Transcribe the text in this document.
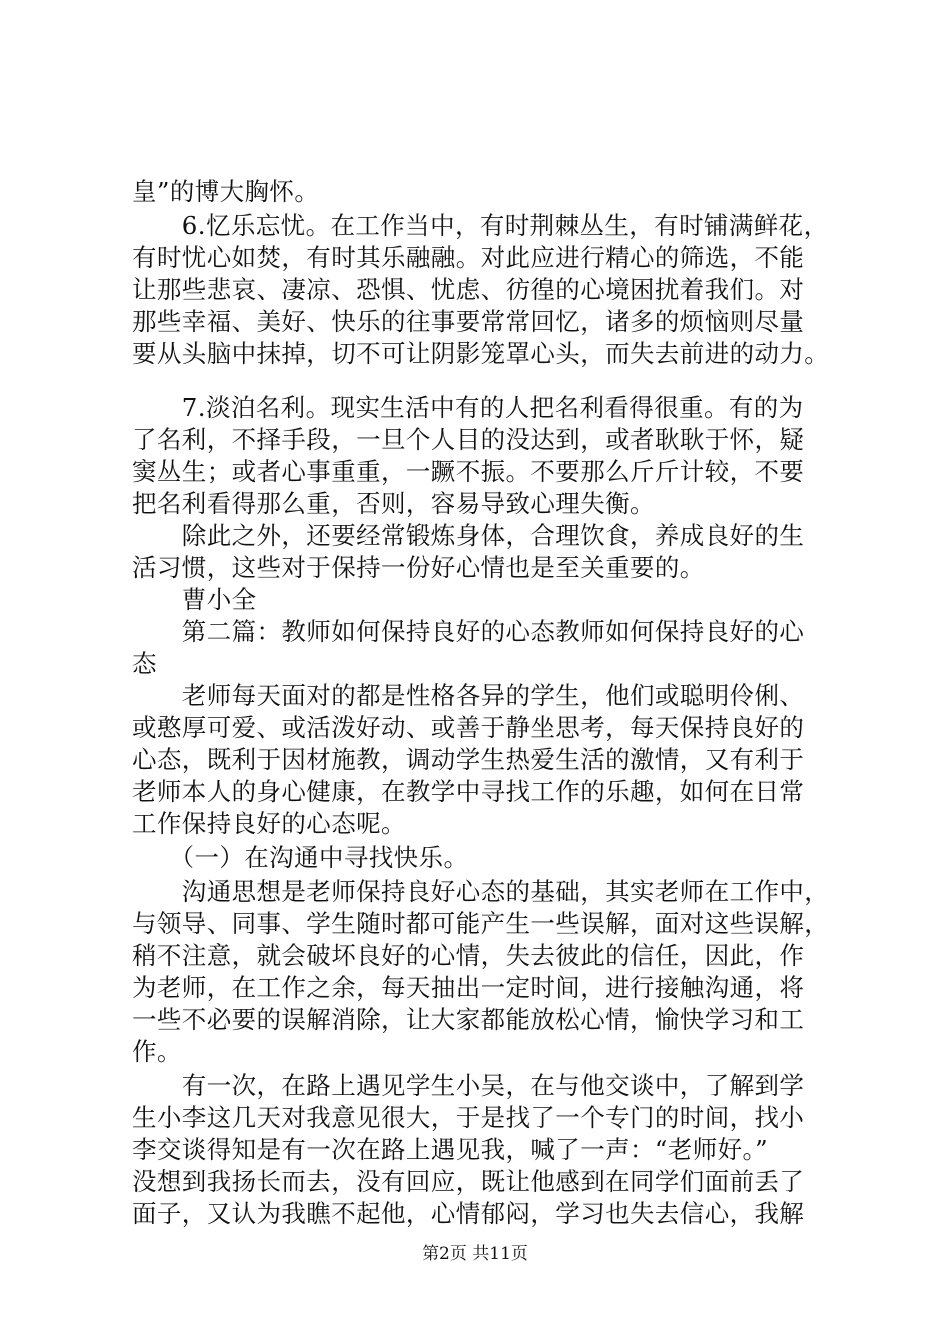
皇”的博大胸怀。
　　6.忆乐忘忧。在工作当中，有时荆棘丛生，有时铺满鲜花，
有时忧心如焚，有时其乐融融。对此应进行精心的筛选，不能
让那些悲哀、凄凉、恐惧、忧虑、彷徨的心境困扰着我们。对
那些幸福、美好、快乐的往事要常常回忆，诸多的烦恼则尽量
要从头脑中抹掉，切不可让阴影笼罩心头，而失去前进的动力。
　　7.淡泊名利。现实生活中有的人把名利看得很重。有的为
了名利，不择手段，一旦个人目的没达到，或者耿耿于怀，疑
窦丛生；或者心事重重，一蹶不振。不要那么斤斤计较，不要
把名利看得那么重，否则，容易导致心理失衡。
　　除此之外，还要经常锻炼身体，合理饮食，养成良好的生
活习惯，这些对于保持一份好心情也是至关重要的。
　　曹小全
　　第二篇：教师如何保持良好的心态教师如何保持良好的心
态
　　老师每天面对的都是性格各异的学生，他们或聪明伶俐、
或憨厚可爱、或活泼好动、或善于静坐思考，每天保持良好的
心态，既利于因材施教，调动学生热爱生活的激情，又有利于
老师本人的身心健康，在教学中寻找工作的乐趣，如何在日常
工作保持良好的心态呢。
　　（一）在沟通中寻找快乐。
　　沟通思想是老师保持良好心态的基础，其实老师在工作中，
与领导、同事、学生随时都可能产生一些误解，面对这些误解，
稍不注意，就会破坏良好的心情，失去彼此的信任，因此，作
为老师，在工作之余，每天抽出一定时间，进行接触沟通，将
一些不必要的误解消除，让大家都能放松心情，愉快学习和工
作。
　　有一次，在路上遇见学生小吴，在与他交谈中，了解到学
生小李这几天对我意见很大，于是找了一个专门的时间，找小
李交谈得知是有一次在路上遇见我，喊了一声：“老师好。”
没想到我扬长而去，没有回应，既让他感到在同学们面前丢了
面子，又认为我瞧不起他，心情郁闷，学习也失去信心，我解
第2页 共11页
